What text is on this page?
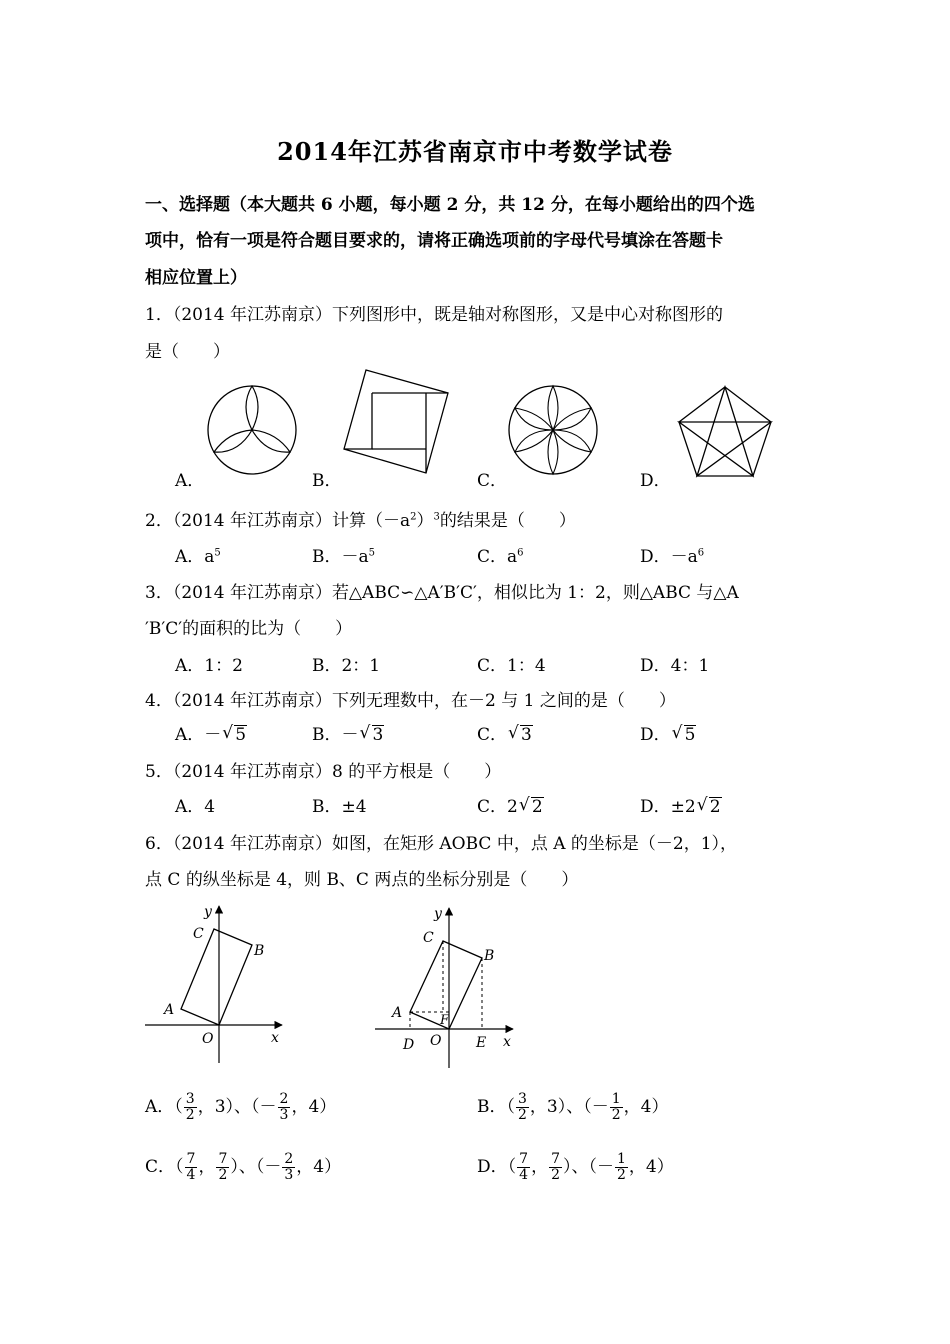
2014年江苏省南京市中考数学试卷
一、选择题（本大题共 6 小题，每小题 2 分，共 12 分，在每小题给出的四个选
项中，恰有一项是符合题目要求的，请将正确选项前的字母代号填涂在答题卡
相应位置上）
1．（2014 年江苏南京）下列图形中，既是轴对称图形，又是中心对称图形的
是（　　）
A．	B．	C．	D．
2．（2014 年江苏南京）计算$(-a^2)^3$的结果是（　　）
A．$a^5$	B．$-a^5$	C．$a^6$	D．$-a^6$
3．（2014 年江苏南京）若△ABC∽△A′B′C′，相似比为 1：2，则△ABC 与△A
′B′C′的面积的比为（　　）
A．1：2	B．2：1	C．1：4	D．4：1
4．（2014 年江苏南京）下列无理数中，在－2 与 1 之间的是（　　）
A．－ √ 5	B．－ √ 3	C． √ 3	D． √ 5
5．（2014 年江苏南京）8 的平方根是（　　）
A．4	B．±4	C．2 √ 2	D．±2 √ 2
6．（2014 年江苏南京）如图，在矩形 AOBC 中，点 A 的坐标是（－2，1），
点 C 的纵坐标是 4，则 B、C 两点的坐标分别是（　　）
C
B
A
O	x
y
C
B
A	F
O
D	E x
y
A．（ $\frac{3}{2}$ ，3）、（－ $\frac{2}{3}$ ，4）	B．（ $\frac{3}{2}$ ，3）、（－ $\frac{1}{2}$ ，4）
C．（ $\frac{7}{4}$ ， $\frac{7}{2}$ ）、（－ $\frac{2}{3}$ ，4）	D．（ $\frac{7}{4}$ ， $\frac{7}{2}$ ）、（－ $\frac{1}{2}$ ，4）
